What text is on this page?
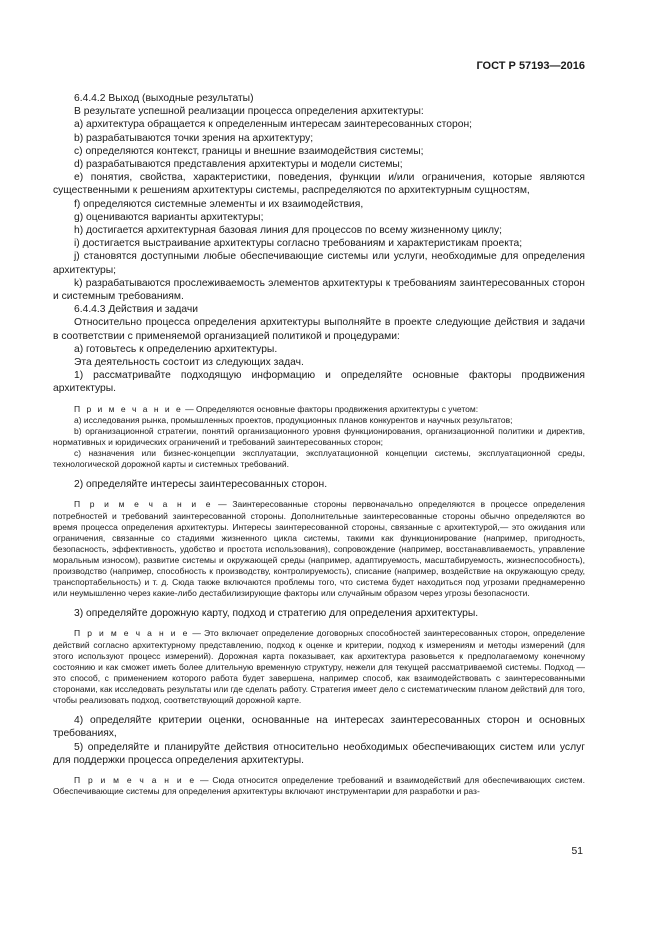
ГОСТ Р 57193—2016

6.4.4.2 Выход (выходные результаты)

В результате успешной реализации процесса определения архитектуры:

a) архитектура обращается к определенным интересам заинтересованных сторон;

b) разрабатываются точки зрения на архитектуру;

c) определяются контекст, границы и внешние взаимодействия системы;

d) разрабатываются представления архитектуры и модели системы;

e) понятия, свойства, характеристики, поведения, функции и/или ограничения, которые являются существенными к решениям архитектуры системы, распределяются по архитектурным сущностям,

f) определяются системные элементы и их взаимодействия,

g) оцениваются варианты архитектуры;

h) достигается архитектурная базовая линия для процессов по всему жизненному циклу;

i) достигается выстраивание архитектуры согласно требованиям и характеристикам проекта;

j) становятся доступными любые обеспечивающие системы или услуги, необходимые для определения архитектуры;

k) разрабатываются прослеживаемость элементов архитектуры к требованиям заинтересованных сторон и системным требованиям.

6.4.4.3 Действия и задачи

Относительно процесса определения архитектуры выполняйте в проекте следующие действия и задачи в соответствии с применяемой организацией политикой и процедурами:

a) готовьтесь к определению архитектуры.

Эта деятельность состоит из следующих задач.

1) рассматривайте подходящую информацию и определяйте основные факторы продвижения архитектуры.

П р и м е ч а н и е — Определяются основные факторы продвижения архитектуры с учетом:

a) исследования рынка, промышленных проектов, продукционных планов конкурентов и научных результатов;

b) организационной стратегии, понятий организационного уровня функционирования, организационной политики и директив, нормативных и юридических ограничений и требований заинтересованных сторон;

c) назначения или бизнес-концепции эксплуатации, эксплуатационной концепции системы, эксплуатационной среды, технологической дорожной карты и системных требований.

2) определяйте интересы заинтересованных сторон.

П р и м е ч а н и е — Заинтересованные стороны первоначально определяются в процессе определения потребностей и требований заинтересованной стороны. Дополнительные заинтересованные стороны обычно определяются во время процесса определения архитектуры. Интересы заинтересованной стороны, связанные с архитектурой,— это ожидания или ограничения, связанные со стадиями жизненного цикла системы, такими как функционирование (например, пригодность, безопасность, эффективность, удобство и простота использования), сопровождение (например, восстанавливаемость, управление моральным износом), развитие системы и окружающей среды (например, адаптируемость, масштабируемость, жизнеспособность), производство (например, способность к производству, контролируемость), списание (например, воздействие на окружающую среду, транспортабельность) и т. д. Сюда также включаются проблемы того, что система будет находиться под угрозами преднамеренно или неумышленно через какие-либо дестабилизирующие факторы или случайным образом через угрозы безопасности.

3) определяйте дорожную карту, подход и стратегию для определения архитектуры.

П р и м е ч а н и е — Это включает определение договорных способностей заинтересованных сторон, определение действий согласно архитектурному представлению, подход к оценке и критерии, подход к измерениям и методы измерений (для этого используют процесс измерений). Дорожная карта показывает, как архитектура разовьется к предполагаемому конечному состоянию и как сможет иметь более длительную временную структуру, нежели для текущей рассматриваемой системы. Подход — это способ, с применением которого работа будет завершена, например способ, как взаимодействовать с заинтересованными сторонами, как исследовать результаты или где сделать работу. Стратегия имеет дело с систематическим планом действий для того, чтобы реализовать подход, соответствующий дорожной карте.

4) определяйте критерии оценки, основанные на интересах заинтересованных сторон и основных требованиях,

5) определяйте и планируйте действия относительно необходимых обеспечивающих систем или услуг для поддержки процесса определения архитектуры.

П р и м е ч а н и е — Сюда относится определение требований и взаимодействий для обеспечивающих систем. Обеспечивающие системы для определения архитектуры включают инструментарии для разработки и раз-

51
